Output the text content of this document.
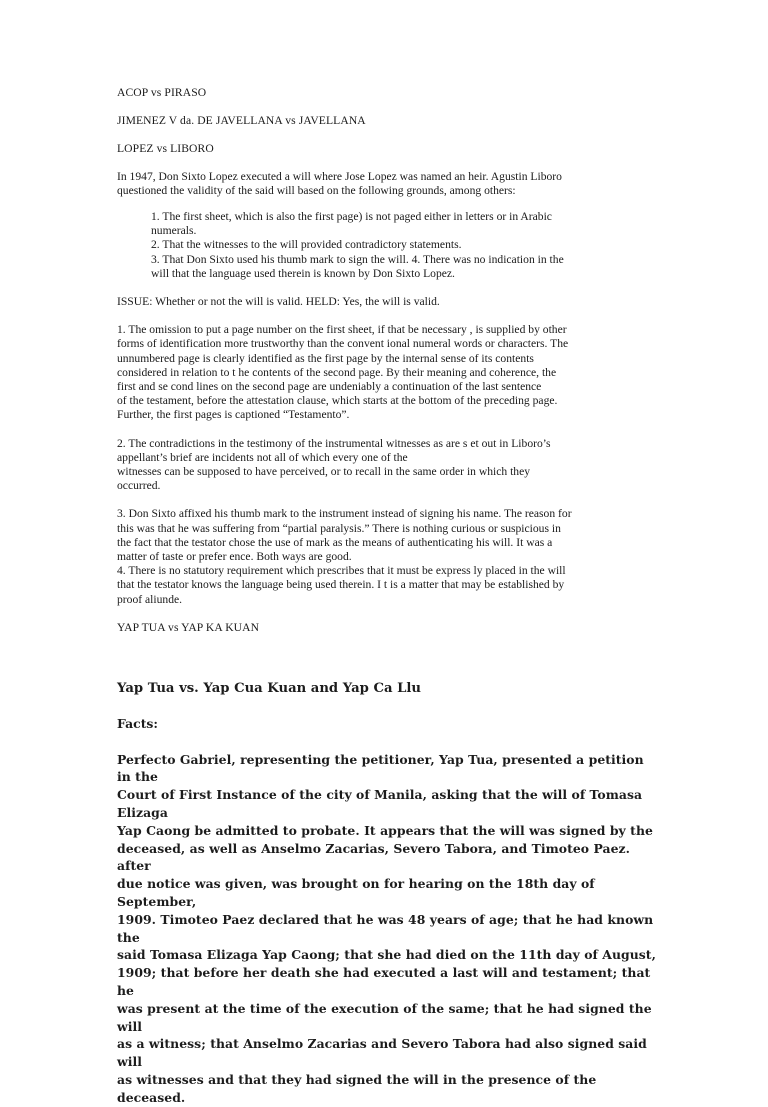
ACOP vs PIRASO

JIMENEZ V da. DE JAVELLANA vs JAVELLANA

LOPEZ vs LIBORO

In 1947, Don Sixto Lopez executed a will where Jose Lopez was named an heir. Agustin Liboro
questioned the validity of the said will based on the following grounds, among others:
1. The first sheet, which is also the first page) is not paged either in letters or in Arabic
numerals.
2. That the witnesses to the will provided contradictory statements.
3. That Don Sixto used his thumb mark to sign the will. 4. There was no indication in the
will that the language used therein is known by Don Sixto Lopez.
ISSUE: Whether or not the will is valid. HELD: Yes, the will is valid.
1. The omission to put a page number on the first sheet, if that be necessary , is supplied by other
forms of identification more trustworthy than the convent ional numeral words or characters. The
unnumbered page is clearly identified as the first page by the internal sense of its contents
considered in relation to t he contents of the second page. By their meaning and coherence, the
first and se cond lines on the second page are undeniably a continuation of the last sentence
of the testament, before the attestation clause, which starts at the bottom of the preceding page.
Further, the first pages is captioned “Testamento”.
2. The contradictions in the testimony of the instrumental witnesses as are s et out in Liboro’s
appellant’s brief are incidents not all of which every one of the
witnesses can be supposed to have perceived, or to recall in the same order in which they
occurred.
3. Don Sixto affixed his thumb mark to the instrument instead of signing his name. The reason for
this was that he was suffering from “partial paralysis.” There is nothing curious or suspicious in
the fact that the testator chose the use of mark as the means of authenticating his will. It was a
matter of taste or prefer ence. Both ways are good.
4. There is no statutory requirement which prescribes that it must be express ly placed in the will
that the testator knows the language being used therein. I t is a matter that may be established by
proof aliunde.

YAP TUA vs YAP KA KUAN

Yap Tua vs. Yap Cua Kuan and Yap Ca Llu

Facts:

Perfecto Gabriel, representing the petitioner, Yap Tua, presented a petition in the
Court of First Instance of the city of Manila, asking that the will of Tomasa Elizaga
Yap Caong be admitted to probate. It appears that the will was signed by the
deceased, as well as Anselmo Zacarias, Severo Tabora, and Timoteo Paez. after
due notice was given, was brought on for hearing on the 18th day of September,
1909. Timoteo Paez declared that he was 48 years of age; that he had known the
said Tomasa Elizaga Yap Caong; that she had died on the 11th day of August,
1909; that before her death she had executed a last will and testament; that he
was present at the time of the execution of the same; that he had signed the will
as a witness; that Anselmo Zacarias and Severo Tabora had also signed said will
as witnesses and that they had signed the will in the presence of the deceased.
